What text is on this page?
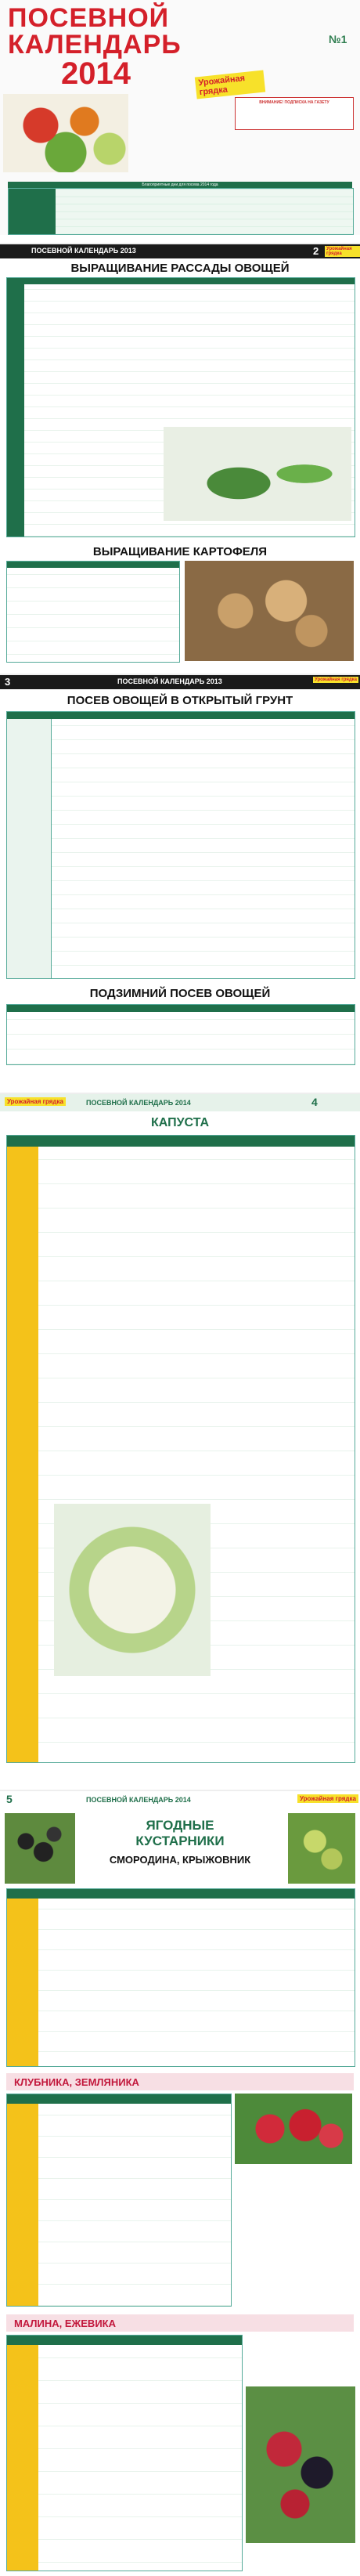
ПОСЕВНОЙ
КАЛЕНДАРЬ
2014
№1
Урожайная грядка
ВНИМАНИЕ! ПОДПИСКА НА ГАЗЕТУ
Благоприятные дни для посева 2014 года
ПОСЕВНОЙ КАЛЕНДАРЬ 2013	2	Урожайная грядка
ВЫРАЩИВАНИЕ РАССАДЫ ОВОЩЕЙ
ВЫРАЩИВАНИЕ КАРТОФЕЛЯ
3	ПОСЕВНОЙ КАЛЕНДАРЬ 2013	Урожайная грядка
ПОСЕВ ОВОЩЕЙ В ОТКРЫТЫЙ ГРУНТ
ПОДЗИМНИЙ ПОСЕВ ОВОЩЕЙ
Урожайная грядка	ПОСЕВНОЙ КАЛЕНДАРЬ 2014	4
КАПУСТА
5	ПОСЕВНОЙ КАЛЕНДАРЬ 2014	Урожайная грядка
ЯГОДНЫЕ
КУСТАРНИКИ
СМОРОДИНА, КРЫЖОВНИК
КЛУБНИКА, ЗЕМЛЯНИКА
МАЛИНА, ЕЖЕВИКА
